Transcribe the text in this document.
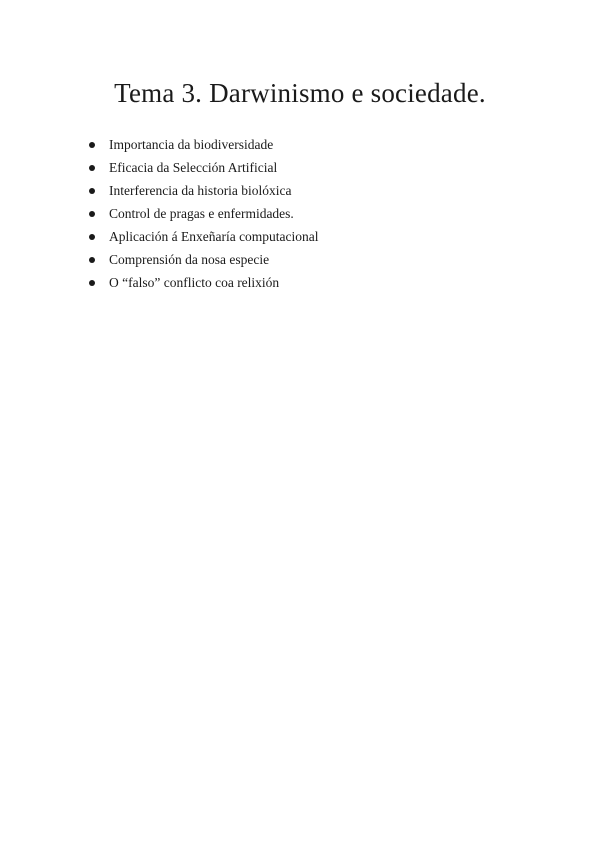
Tema 3. Darwinismo e sociedade.
Importancia da biodiversidade
Eficacia da Selección Artificial
Interferencia da historia biolóxica
Control de pragas e enfermidades.
Aplicación á Enxeñaría computacional
Comprensión da nosa especie
O “falso” conflicto coa relixión
